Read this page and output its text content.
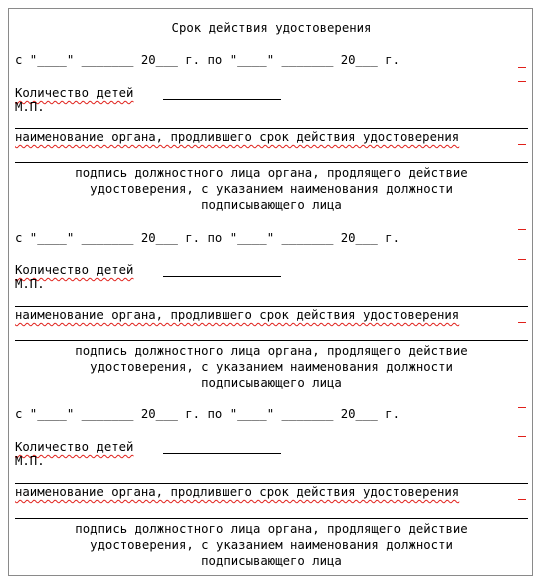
Срок действия удостоверения
с "____" _______ 20___ г. по "____" _______ 20___ г.
Количество детей
М.П.
наименование органа, продлившего срок действия удостоверения
подпись должностного лица органа, продлящего действие удостоверения, с указанием наименования должности подписывающего лица
с "____" _______ 20___ г. по "____" _______ 20___ г.
Количество детей
М.П.
наименование органа, продлившего срок действия удостоверения
подпись должностного лица органа, продлящего действие удостоверения, с указанием наименования должности подписывающего лица
с "____" _______ 20___ г. по "____" _______ 20___ г.
Количество детей
М.П.
наименование органа, продлившего срок действия удостоверения
подпись должностного лица органа, продлящего действие удостоверения, с указанием наименования должности подписывающего лица
